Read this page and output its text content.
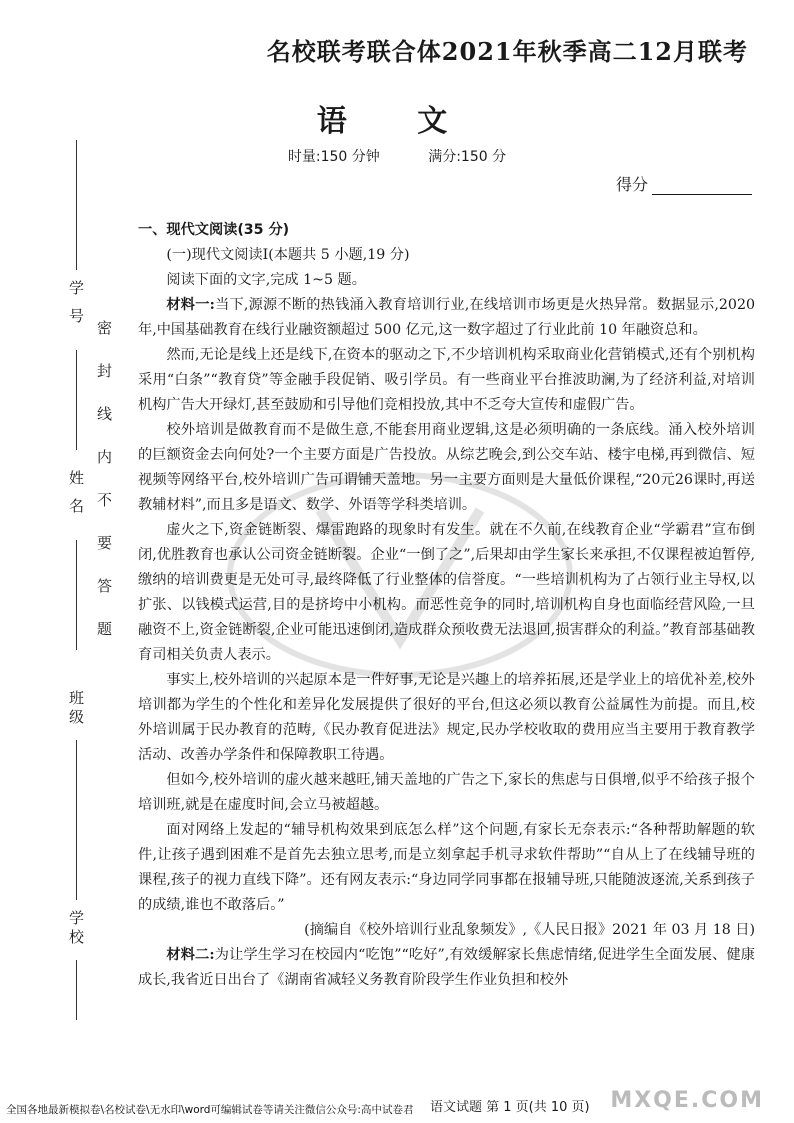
名校联考联合体2021年秋季高二12月联考
语 文
时量:150 分钟	满分:150 分
得分
学 号
姓 名
班级
学校
密封线内不要答题

一、现代文阅读(35 分)

(一)现代文阅读Ⅰ(本题共 5 小题,19 分)

阅读下面的文字,完成 1~5 题。

材料一:当下,源源不断的热钱涌入教育培训行业,在线培训市场更是火热异常。数据显示,2020 年,中国基础教育在线行业融资额超过 500 亿元,这一数字超过了行业此前 10 年融资总和。

然而,无论是线上还是线下,在资本的驱动之下,不少培训机构采取商业化营销模式,还有个别机构采用“白条”“教育贷”等金融手段促销、吸引学员。有一些商业平台推波助澜,为了经济利益,对培训机构广告大开绿灯,甚至鼓励和引导他们竞相投放,其中不乏夸大宣传和虚假广告。

校外培训是做教育而不是做生意,不能套用商业逻辑,这是必须明确的一条底线。涌入校外培训的巨额资金去向何处?一个主要方面是广告投放。从综艺晚会,到公交车站、楼宇电梯,再到微信、短视频等网络平台,校外培训广告可谓铺天盖地。另一主要方面则是大量低价课程,“20元26课时,再送教辅材料”,而且多是语文、数学、外语等学科类培训。

虚火之下,资金链断裂、爆雷跑路的现象时有发生。就在不久前,在线教育企业“学霸君”宣布倒闭,优胜教育也承认公司资金链断裂。企业“一倒了之”,后果却由学生家长来承担,不仅课程被迫暂停,缴纳的培训费更是无处可寻,最终降低了行业整体的信誉度。“一些培训机构为了占领行业主导权,以扩张、以钱模式运营,目的是挤垮中小机构。而恶性竞争的同时,培训机构自身也面临经营风险,一旦融资不上,资金链断裂,企业可能迅速倒闭,造成群众预收费无法退回,损害群众的利益。”教育部基础教育司相关负责人表示。

事实上,校外培训的兴起原本是一件好事,无论是兴趣上的培养拓展,还是学业上的培优补差,校外培训都为学生的个性化和差异化发展提供了很好的平台,但这必须以教育公益属性为前提。而且,校外培训属于民办教育的范畴,《民办教育促进法》规定,民办学校收取的费用应当主要用于教育教学活动、改善办学条件和保障教职工待遇。

但如今,校外培训的虚火越来越旺,铺天盖地的广告之下,家长的焦虑与日俱增,似乎不给孩子报个培训班,就是在虚度时间,会立马被超越。

面对网络上发起的“辅导机构效果到底怎么样”这个问题,有家长无奈表示:“各种帮助解题的软件,让孩子遇到困难不是首先去独立思考,而是立刻拿起手机寻求软件帮助”“自从上了在线辅导班的课程,孩子的视力直线下降”。还有网友表示:“身边同学同事都在报辅导班,只能随波逐流,关系到孩子的成绩,谁也不敢落后。”

(摘编自《校外培训行业乱象频发》,《人民日报》2021 年 03 月 18 日)

材料二:为让学生学习在校园内“吃饱”“吃好”,有效缓解家长焦虑情绪,促进学生全面发展、健康成长,我省近日出台了《湖南省减轻义务教育阶段学生作业负担和校外

全国各地最新模拟卷\名校试卷\无水印\word可编辑试卷等请关注微信公众号:高中试卷君 语文试题 第 1 页(共 10 页) MXQE.COM
